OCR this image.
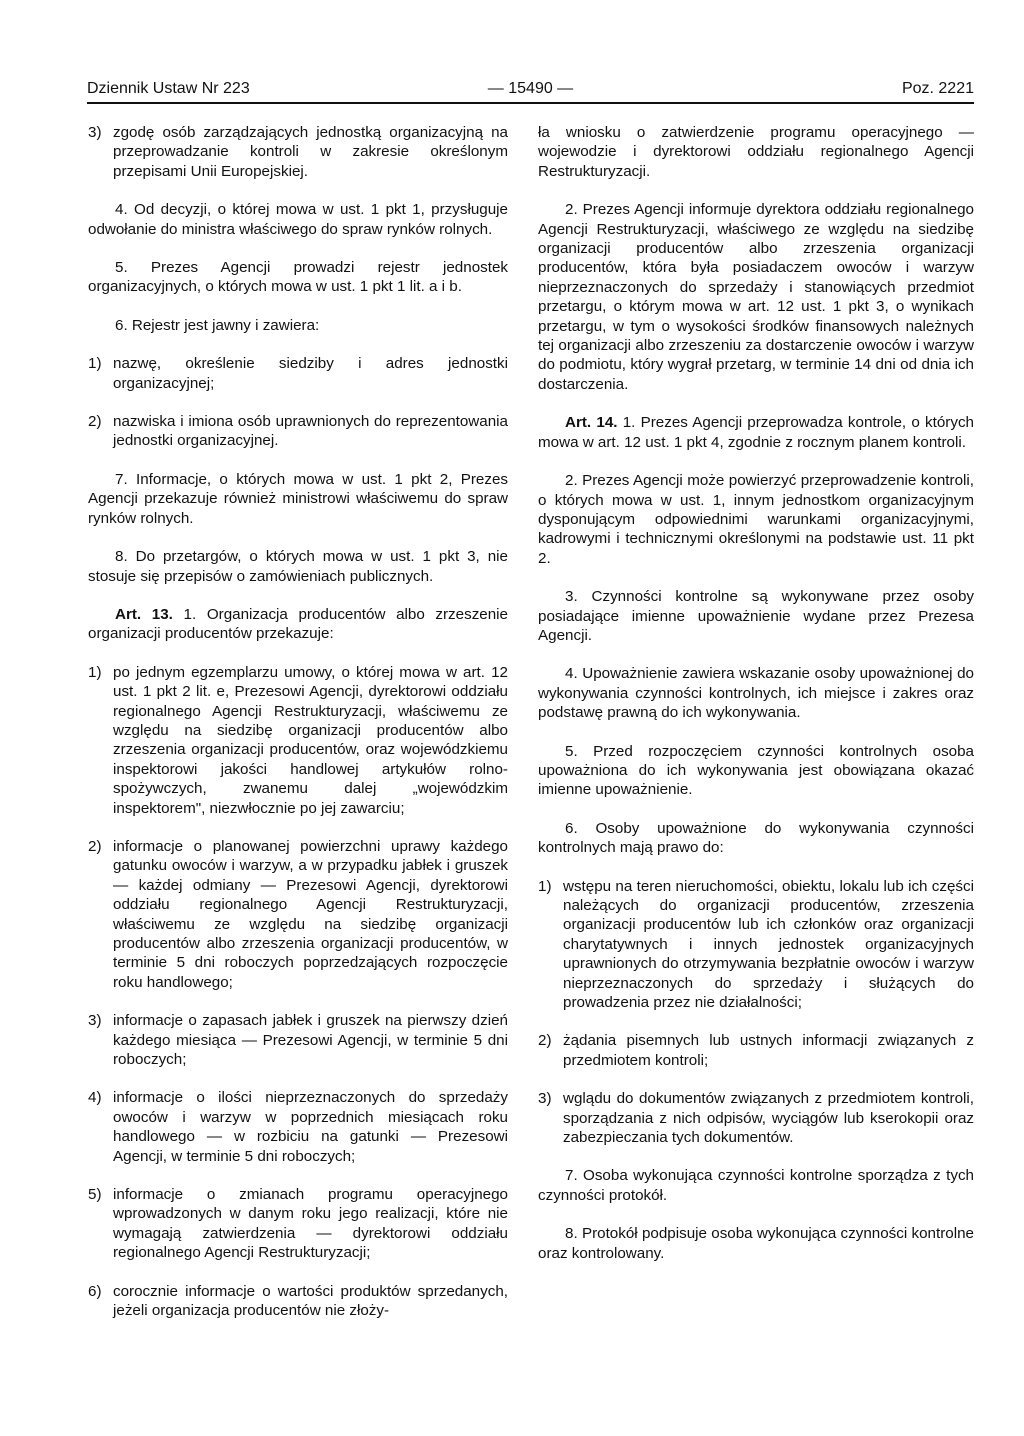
Dziennik Ustaw Nr 223	— 15490 —	Poz. 2221
3) zgodę osób zarządzających jednostką organizacyjną na przeprowadzanie kontroli w zakresie określonym przepisami Unii Europejskiej.

4. Od decyzji, o której mowa w ust. 1 pkt 1, przysługuje odwołanie do ministra właściwego do spraw rynków rolnych.

5. Prezes Agencji prowadzi rejestr jednostek organizacyjnych, o których mowa w ust. 1 pkt 1 lit. a i b.

6. Rejestr jest jawny i zawiera:

1) nazwę, określenie siedziby i adres jednostki organizacyjnej;
2) nazwiska i imiona osób uprawnionych do reprezentowania jednostki organizacyjnej.

7. Informacje, o których mowa w ust. 1 pkt 2, Prezes Agencji przekazuje również ministrowi właściwemu do spraw rynków rolnych.

8. Do przetargów, o których mowa w ust. 1 pkt 3, nie stosuje się przepisów o zamówieniach publicznych.

Art. 13. 1. Organizacja producentów albo zrzeszenie organizacji producentów przekazuje:

1) po jednym egzemplarzu umowy, o której mowa w art. 12 ust. 1 pkt 2 lit. e, Prezesowi Agencji, dyrektorowi oddziału regionalnego Agencji Restrukturyzacji, właściwemu ze względu na siedzibę organizacji producentów albo zrzeszenia organizacji producentów, oraz wojewódzkiemu inspektorowi jakości handlowej artykułów rolno-spożywczych, zwanemu dalej „wojewódzkim inspektorem", niezwłocznie po jej zawarciu;
2) informacje o planowanej powierzchni uprawy każdego gatunku owoców i warzyw, a w przypadku jabłek i gruszek — każdej odmiany — Prezesowi Agencji, dyrektorowi oddziału regionalnego Agencji Restrukturyzacji, właściwemu ze względu na siedzibę organizacji producentów albo zrzeszenia organizacji producentów, w terminie 5 dni roboczych poprzedzających rozpoczęcie roku handlowego;
3) informacje o zapasach jabłek i gruszek na pierwszy dzień każdego miesiąca — Prezesowi Agencji, w terminie 5 dni roboczych;
4) informacje o ilości nieprzeznaczonych do sprzedaży owoców i warzyw w poprzednich miesiącach roku handlowego — w rozbiciu na gatunki — Prezesowi Agencji, w terminie 5 dni roboczych;
5) informacje o zmianach programu operacyjnego wprowadzonych w danym roku jego realizacji, które nie wymagają zatwierdzenia — dyrektorowi oddziału regionalnego Agencji Restrukturyzacji;
6) corocznie informacje o wartości produktów sprzedanych, jeżeli organizacja producentów nie złoży-

ła wniosku o zatwierdzenie programu operacyjnego — wojewodzie i dyrektorowi oddziału regionalnego Agencji Restrukturyzacji.

2. Prezes Agencji informuje dyrektora oddziału regionalnego Agencji Restrukturyzacji, właściwego ze względu na siedzibę organizacji producentów albo zrzeszenia organizacji producentów, która była posiadaczem owoców i warzyw nieprzeznaczonych do sprzedaży i stanowiących przedmiot przetargu, o którym mowa w art. 12 ust. 1 pkt 3, o wynikach przetargu, w tym o wysokości środków finansowych należnych tej organizacji albo zrzeszeniu za dostarczenie owoców i warzyw do podmiotu, który wygrał przetarg, w terminie 14 dni od dnia ich dostarczenia.

Art. 14. 1. Prezes Agencji przeprowadza kontrole, o których mowa w art. 12 ust. 1 pkt 4, zgodnie z rocznym planem kontroli.

2. Prezes Agencji może powierzyć przeprowadzenie kontroli, o których mowa w ust. 1, innym jednostkom organizacyjnym dysponującym odpowiednimi warunkami organizacyjnymi, kadrowymi i technicznymi określonymi na podstawie ust. 11 pkt 2.

3. Czynności kontrolne są wykonywane przez osoby posiadające imienne upoważnienie wydane przez Prezesa Agencji.

4. Upoważnienie zawiera wskazanie osoby upoważnionej do wykonywania czynności kontrolnych, ich miejsce i zakres oraz podstawę prawną do ich wykonywania.

5. Przed rozpoczęciem czynności kontrolnych osoba upoważniona do ich wykonywania jest obowiązana okazać imienne upoważnienie.

6. Osoby upoważnione do wykonywania czynności kontrolnych mają prawo do:

1) wstępu na teren nieruchomości, obiektu, lokalu lub ich części należących do organizacji producentów, zrzeszenia organizacji producentów lub ich członków oraz organizacji charytatywnych i innych jednostek organizacyjnych uprawnionych do otrzymywania bezpłatnie owoców i warzyw nieprzeznaczonych do sprzedaży i służących do prowadzenia przez nie działalności;
2) żądania pisemnych lub ustnych informacji związanych z przedmiotem kontroli;
3) wglądu do dokumentów związanych z przedmiotem kontroli, sporządzania z nich odpisów, wyciągów lub kserokopii oraz zabezpieczania tych dokumentów.

7. Osoba wykonująca czynności kontrolne sporządza z tych czynności protokół.

8. Protokół podpisuje osoba wykonująca czynności kontrolne oraz kontrolowany.
